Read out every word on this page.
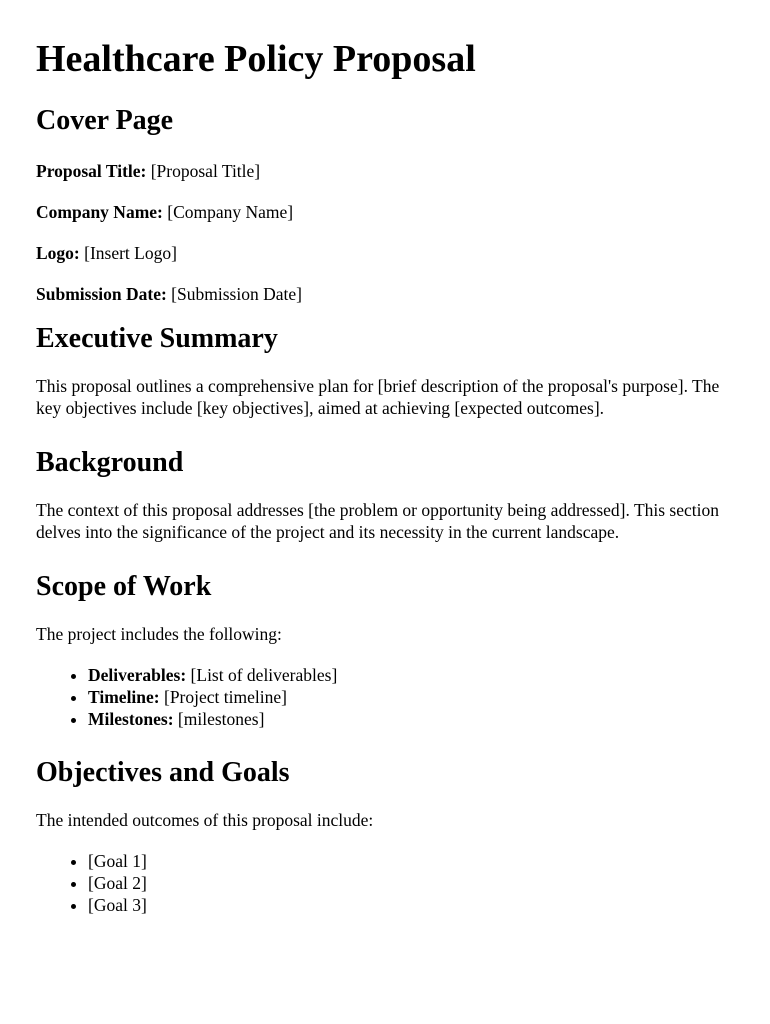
Healthcare Policy Proposal
Cover Page

Proposal Title: [Proposal Title]

Company Name: [Company Name]

Logo: [Insert Logo]

Submission Date: [Submission Date]

Executive Summary

This proposal outlines a comprehensive plan for [brief description of the proposal's purpose]. The key objectives include [key objectives], aimed at achieving [expected outcomes].

Background

The context of this proposal addresses [the problem or opportunity being addressed]. This section delves into the significance of the project and its necessity in the current landscape.

Scope of Work

The project includes the following:

• Deliverables: [List of deliverables]
• Timeline: [Project timeline]
• Milestones: [milestones]
Objectives and Goals

The intended outcomes of this proposal include:

• [Goal 1]
• [Goal 2]
• [Goal 3]
